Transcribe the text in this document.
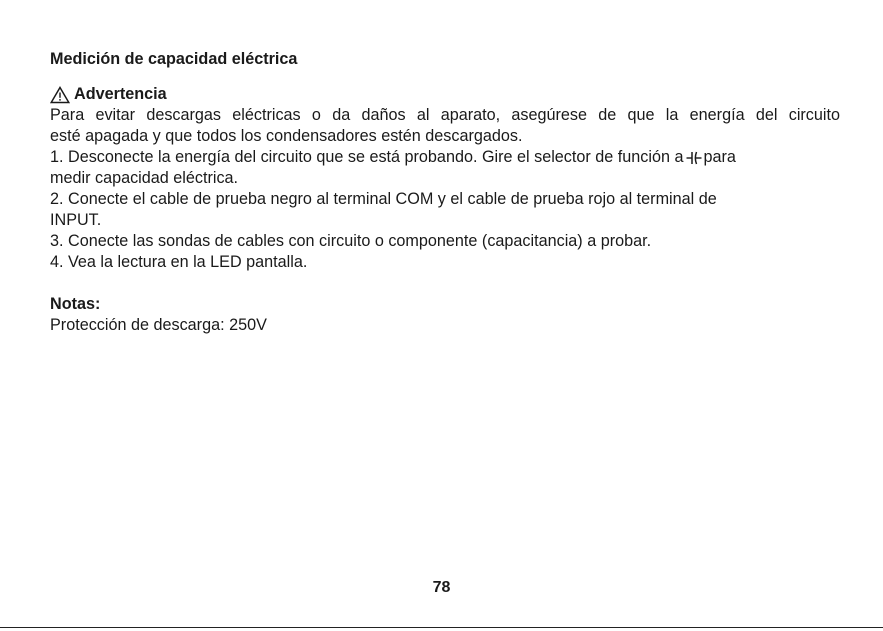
Medición de capacidad eléctrica
Advertencia
Para evitar descargas eléctricas o da daños al aparato, asegúrese de que la energía del circuito
esté apagada y que todos los condensadores estén descargados.
1. Desconecte la energía del circuito que se está probando. Gire el selector de función a para
medir capacidad eléctrica.
2. Conecte el cable de prueba negro al terminal COM y el cable de prueba rojo al terminal de
INPUT.
3. Conecte las sondas de cables con circuito o componente (capacitancia) a probar.
4. Vea la lectura en la LED pantalla.
Notas:
Protección de descarga: 250V
78
